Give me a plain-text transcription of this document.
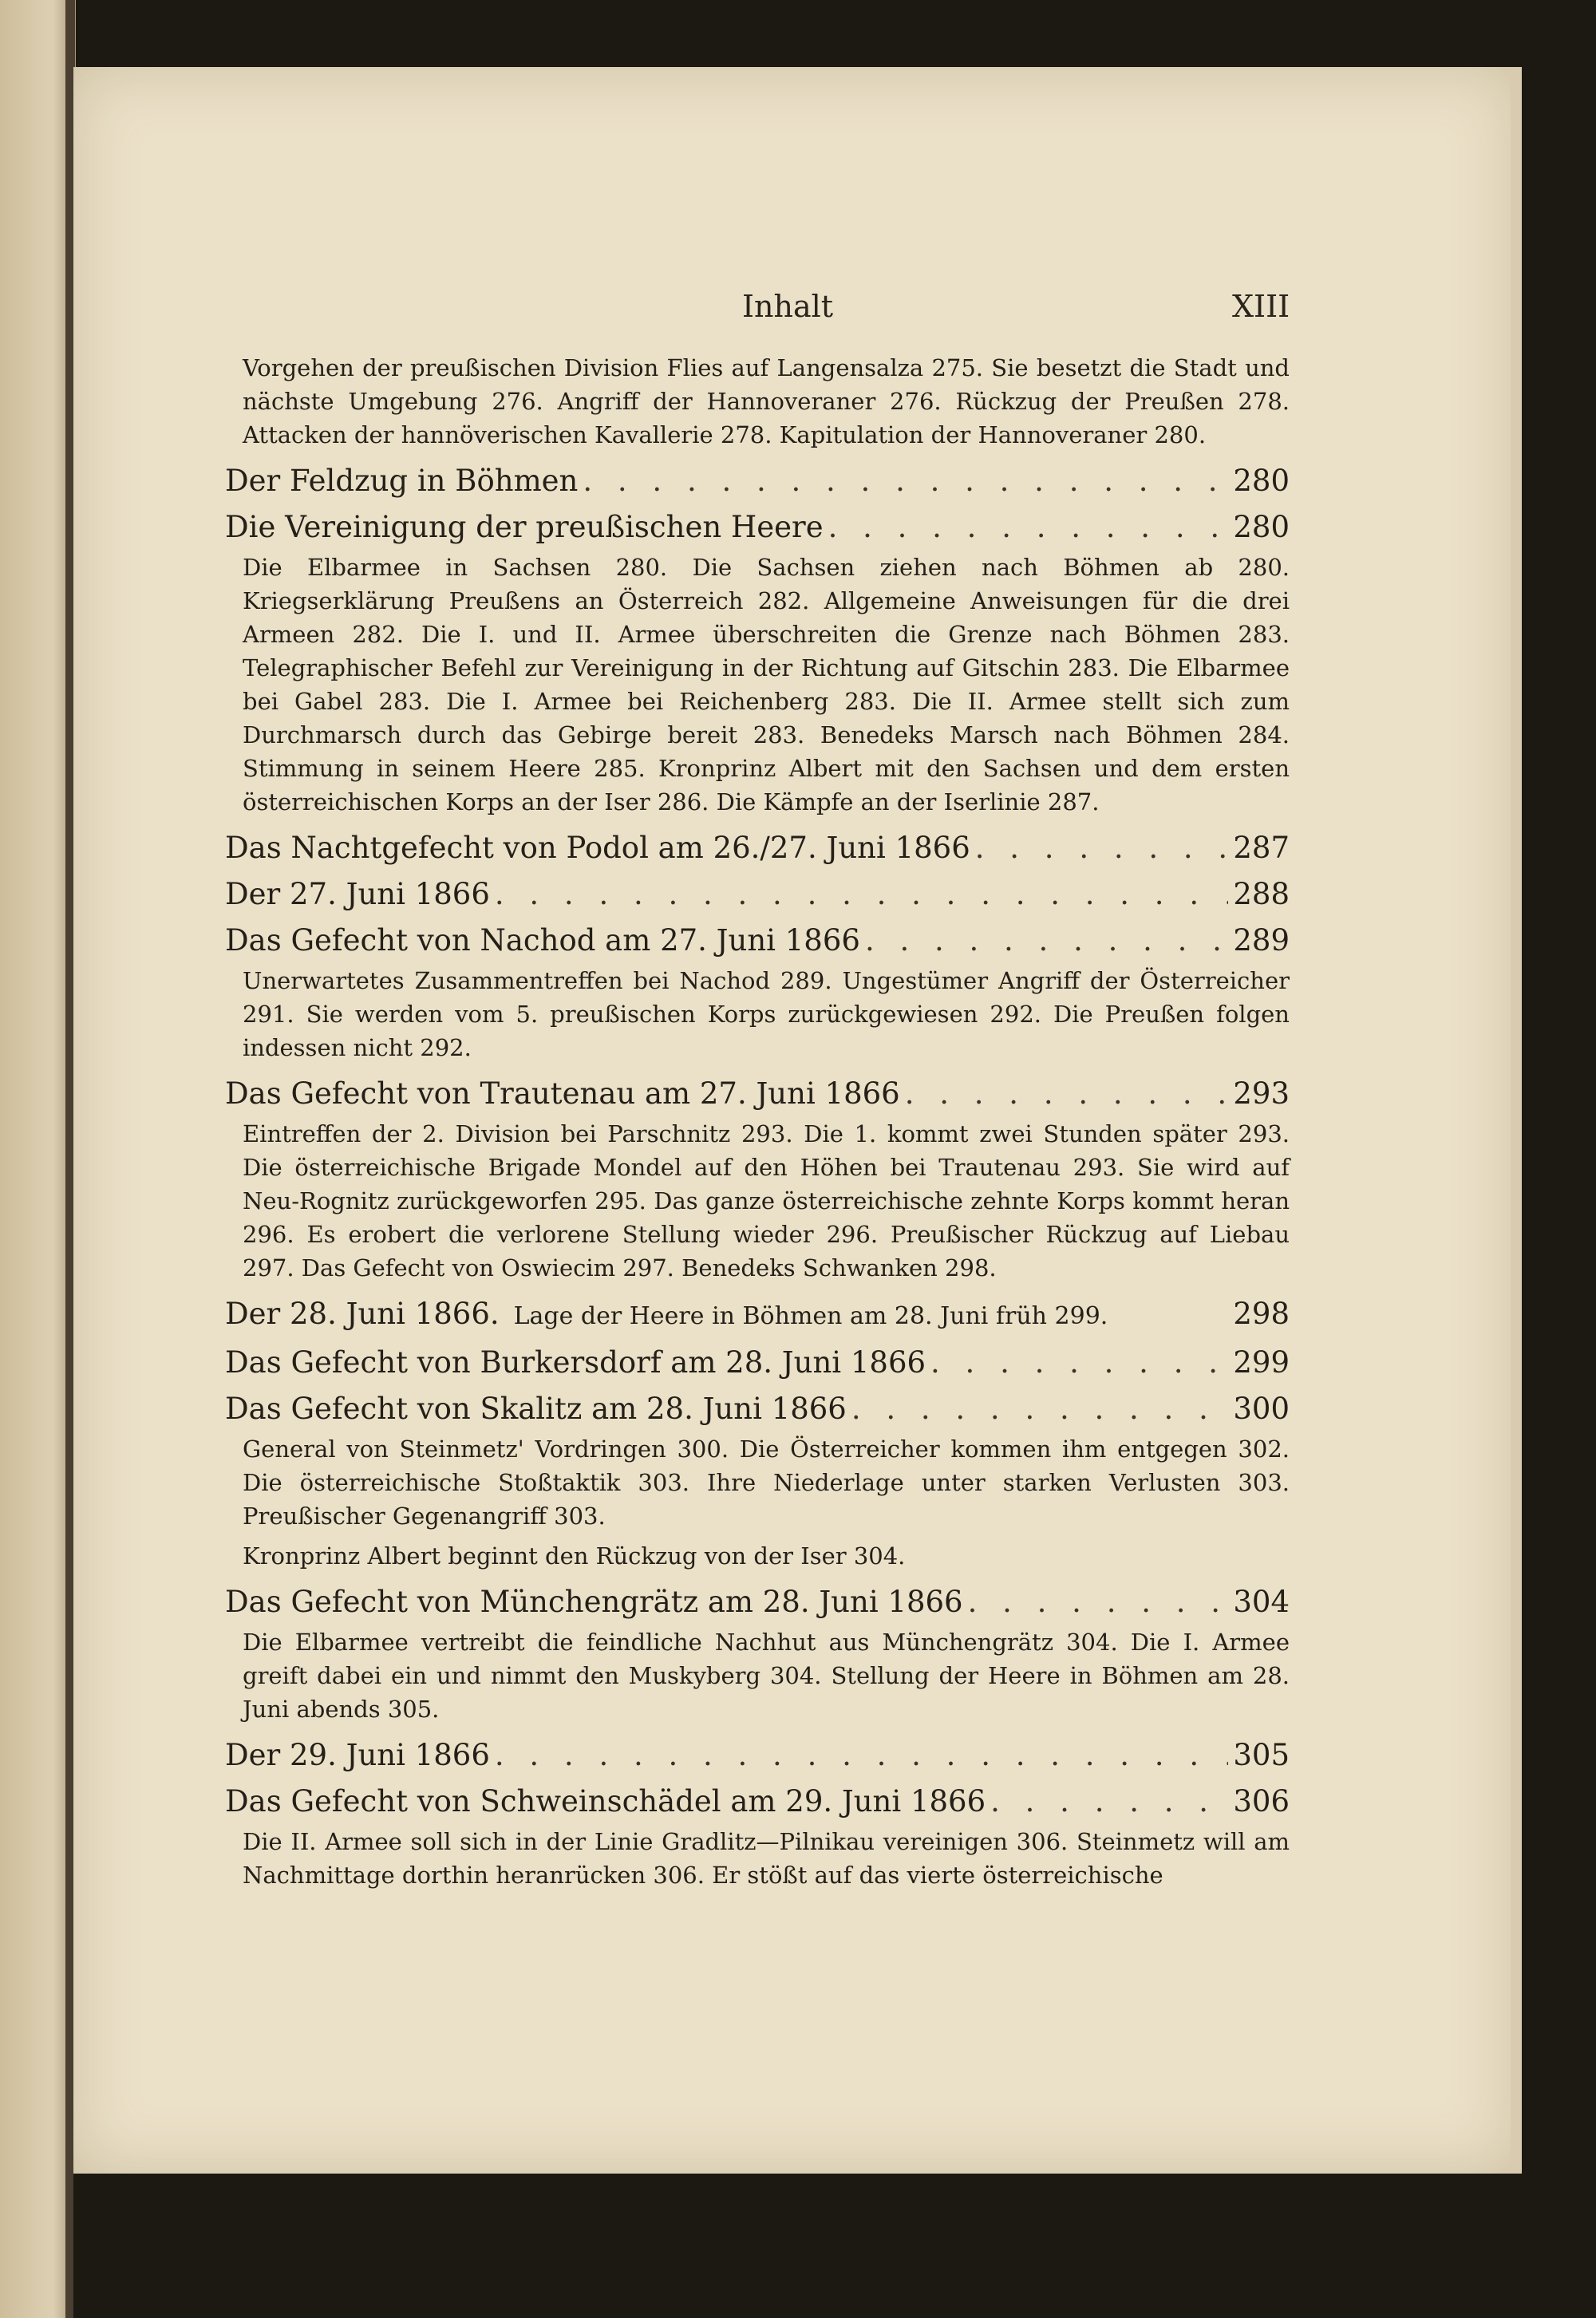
Inhalt	XIII

Vorgehen der preußischen Division Flies auf Langensalza 275. Sie besetzt die Stadt und nächste Umgebung 276. Angriff der Hannoveraner 276. Rückzug der Preußen 278. Attacken der hannöverischen Kavallerie 278. Kapitulation der Hannoveraner 280.

Der Feldzug in Böhmen . . .	280
Die Vereinigung der preußischen Heere . . .	280

Die Elbarmee in Sachsen 280. Die Sachsen ziehen nach Böhmen ab 280. Kriegserklärung Preußens an Österreich 282. Allgemeine Anweisungen für die drei Armeen 282. Die I. und II. Armee überschreiten die Grenze nach Böhmen 283. Telegraphischer Befehl zur Vereinigung in der Richtung auf Gitschin 283. Die Elbarmee bei Gabel 283. Die I. Armee bei Reichenberg 283. Die II. Armee stellt sich zum Durchmarsch durch das Gebirge bereit 283. Benedeks Marsch nach Böhmen 284. Stimmung in seinem Heere 285. Kronprinz Albert mit den Sachsen und dem ersten österreichischen Korps an der Iser 286. Die Kämpfe an der Iserlinie 287.

Das Nachtgefecht von Podol am 26./27. Juni 1866 . . .	287
Der 27. Juni 1866 . . .	288
Das Gefecht von Nachod am 27. Juni 1866 . . .	289

Unerwartetes Zusammentreffen bei Nachod 289. Ungestümer Angriff der Österreicher 291. Sie werden vom 5. preußischen Korps zurückgewiesen 292. Die Preußen folgen indessen nicht 292.

Das Gefecht von Trautenau am 27. Juni 1866 . . .	293

Eintreffen der 2. Division bei Parschnitz 293. Die 1. kommt zwei Stunden später 293. Die österreichische Brigade Mondel auf den Höhen bei Trautenau 293. Sie wird auf Neu-Rognitz zurückgeworfen 295. Das ganze österreichische zehnte Korps kommt heran 296. Es erobert die verlorene Stellung wieder 296. Preußischer Rückzug auf Liebau 297. Das Gefecht von Oswiecim 297. Benedeks Schwanken 298.

Der 28. Juni 1866. Lage der Heere in Böhmen am 28. Juni früh 299.	298
Das Gefecht von Burkersdorf am 28. Juni 1866 . . .	299
Das Gefecht von Skalitz am 28. Juni 1866 . . .	300

General von Steinmetz' Vordringen 300. Die Österreicher kommen ihm entgegen 302. Die österreichische Stoßtaktik 303. Ihre Niederlage unter starken Verlusten 303. Preußischer Gegenangriff 303.

Kronprinz Albert beginnt den Rückzug von der Iser 304.

Das Gefecht von Münchengrätz am 28. Juni 1866 . . .	304

Die Elbarmee vertreibt die feindliche Nachhut aus Münchengrätz 304. Die I. Armee greift dabei ein und nimmt den Muskyberg 304. Stellung der Heere in Böhmen am 28. Juni abends 305.

Der 29. Juni 1866 . . .	305
Das Gefecht von Schweinschädel am 29. Juni 1866 . . .	306

Die II. Armee soll sich in der Linie Gradlitz—Pilnikau vereinigen 306. Steinmetz will am Nachmittage dorthin heranrücken 306. Er stößt auf das vierte österreichische
